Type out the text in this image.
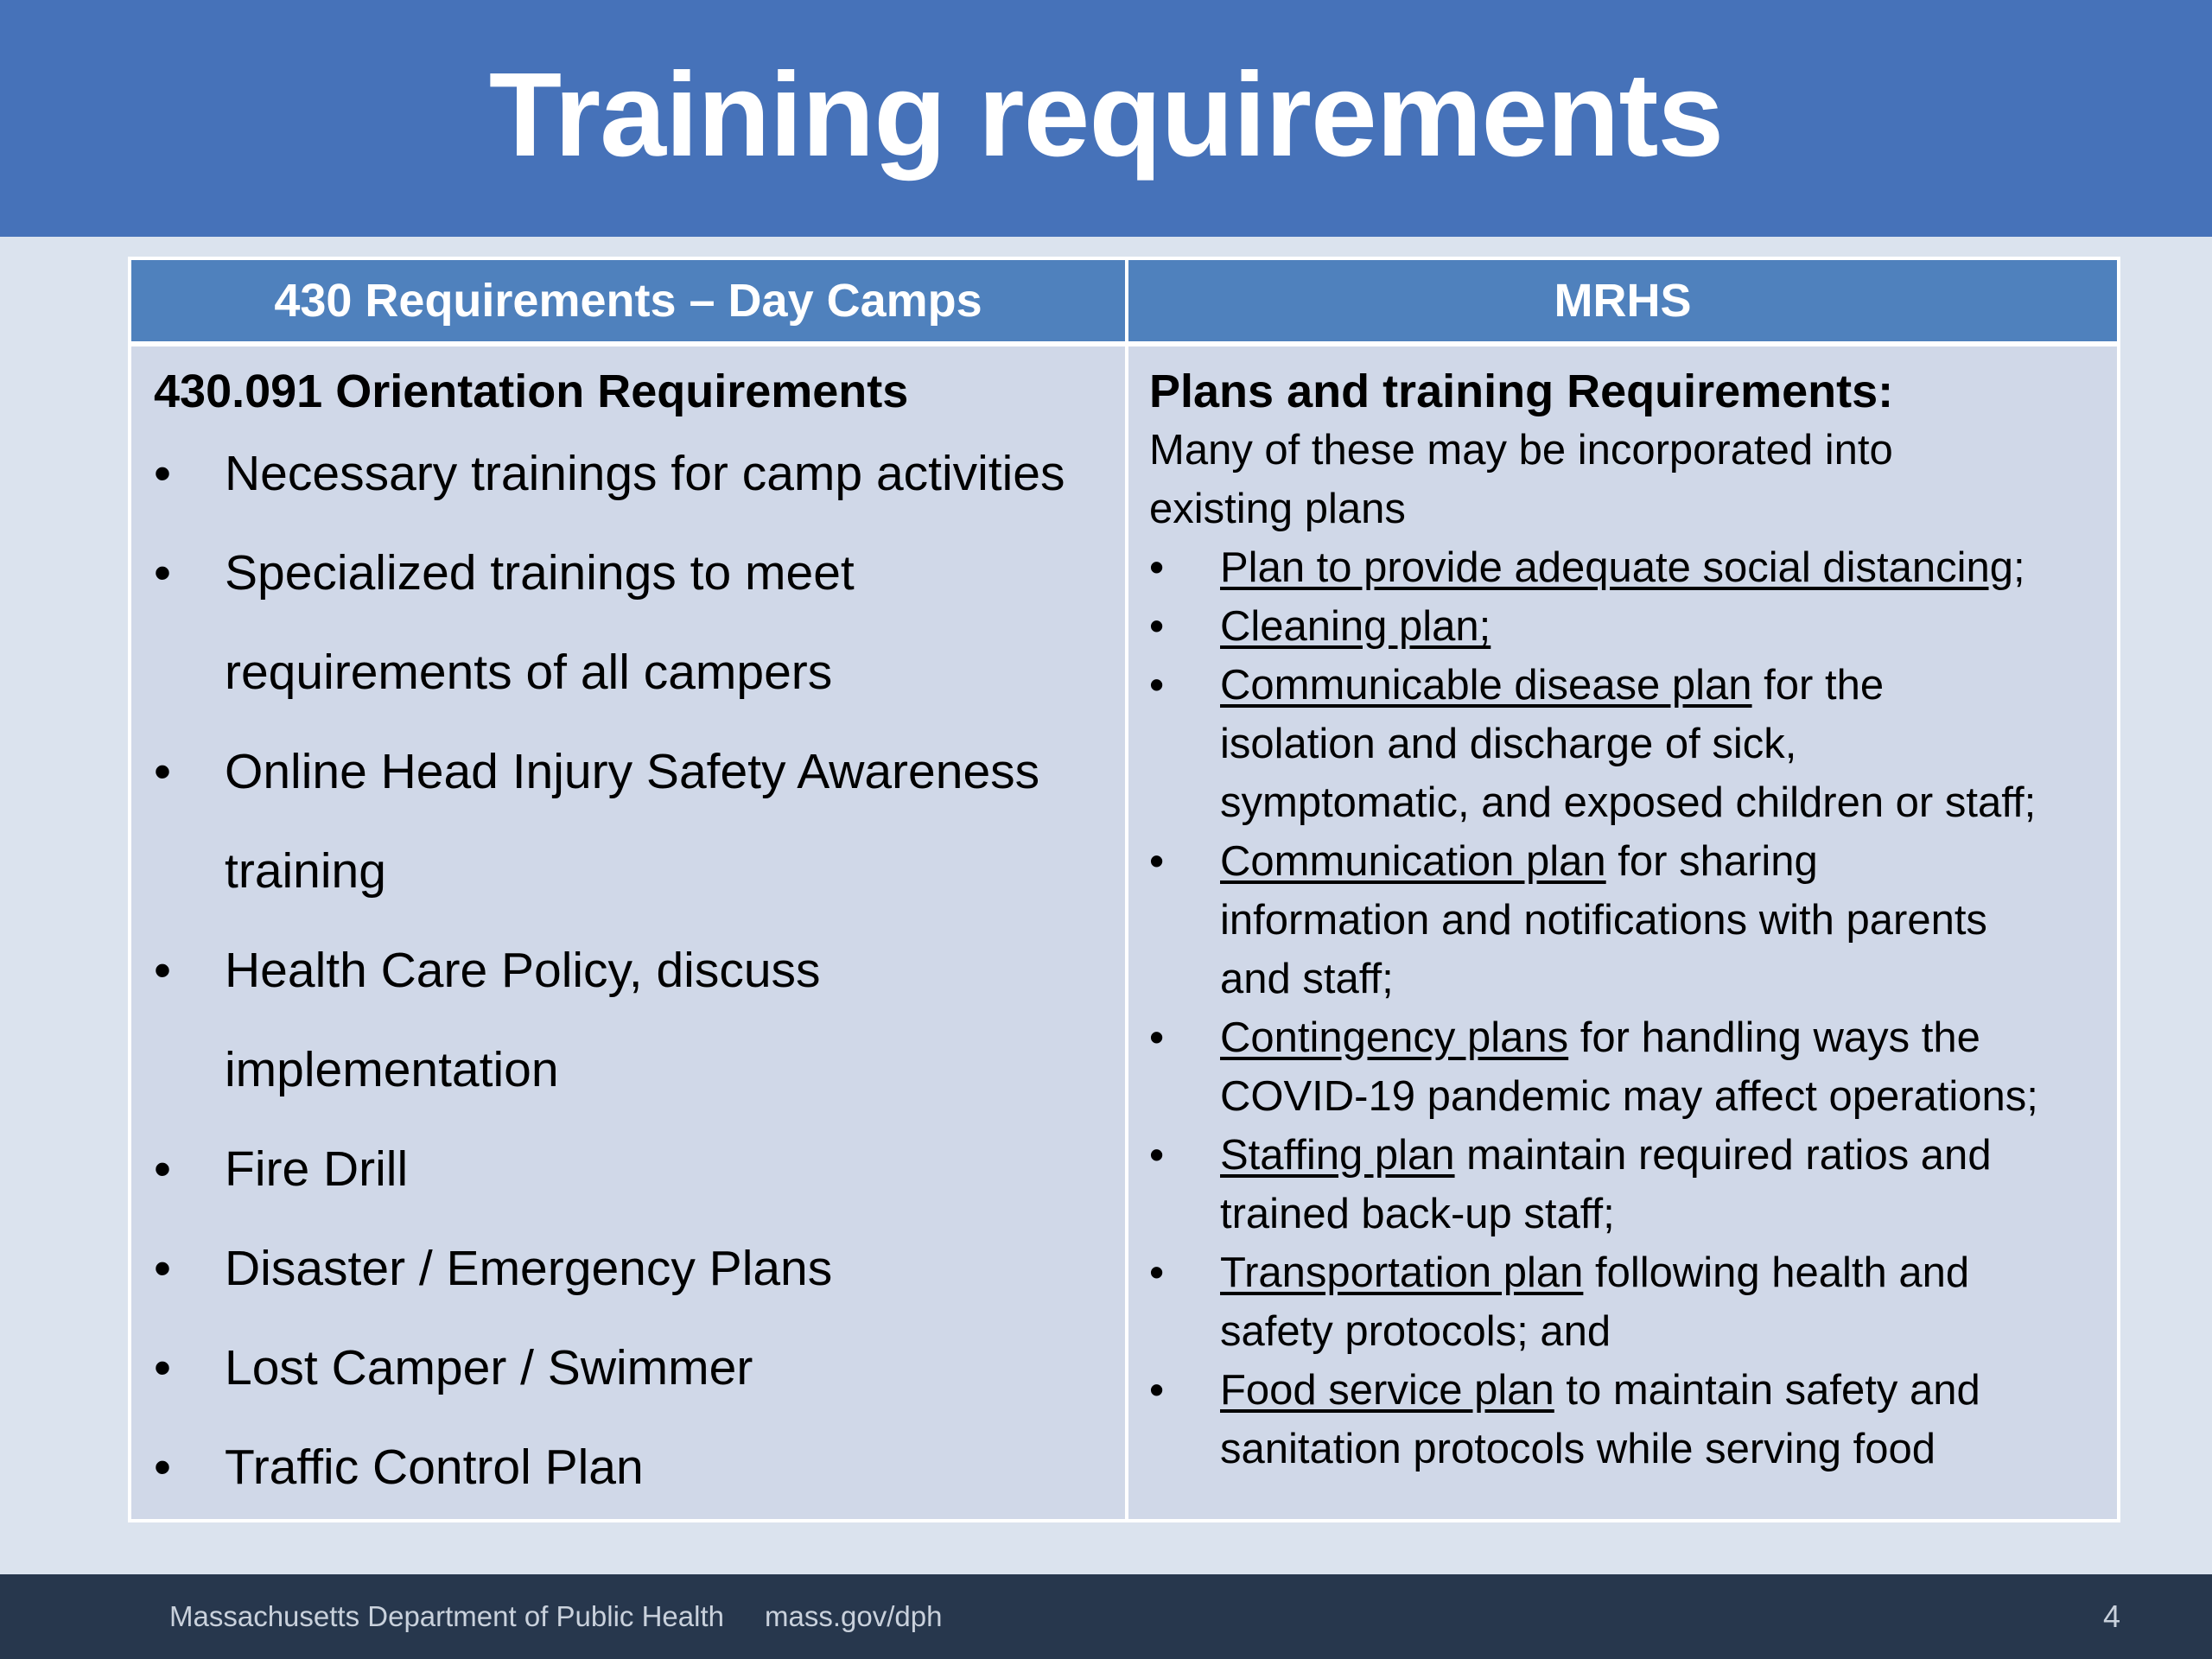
Training requirements
430 Requirements – Day Camps	MRHS
430.091 Orientation Requirements
• Necessary trainings for camp activities
• Specialized trainings to meet
requirements of all campers
• Online Head Injury Safety Awareness
training
• Health Care Policy, discuss
implementation
• Fire Drill
• Disaster / Emergency Plans
• Lost Camper / Swimmer
• Traffic Control Plan
Plans and training Requirements:
Many of these may be incorporated into
existing plans
• Plan to provide adequate social distancing;
• Cleaning plan;
• Communicable disease plan for the
isolation and discharge of sick,
symptomatic, and exposed children or staff;
• Communication plan for sharing
information and notifications with parents
and staff;
• Contingency plans for handling ways the
COVID-19 pandemic may affect operations;
• Staffing plan maintain required ratios and
trained back-up staff;
• Transportation plan following health and
safety protocols; and
• Food service plan to maintain safety and
sanitation protocols while serving food
Massachusetts Department of Public Health mass.gov/dph	4
